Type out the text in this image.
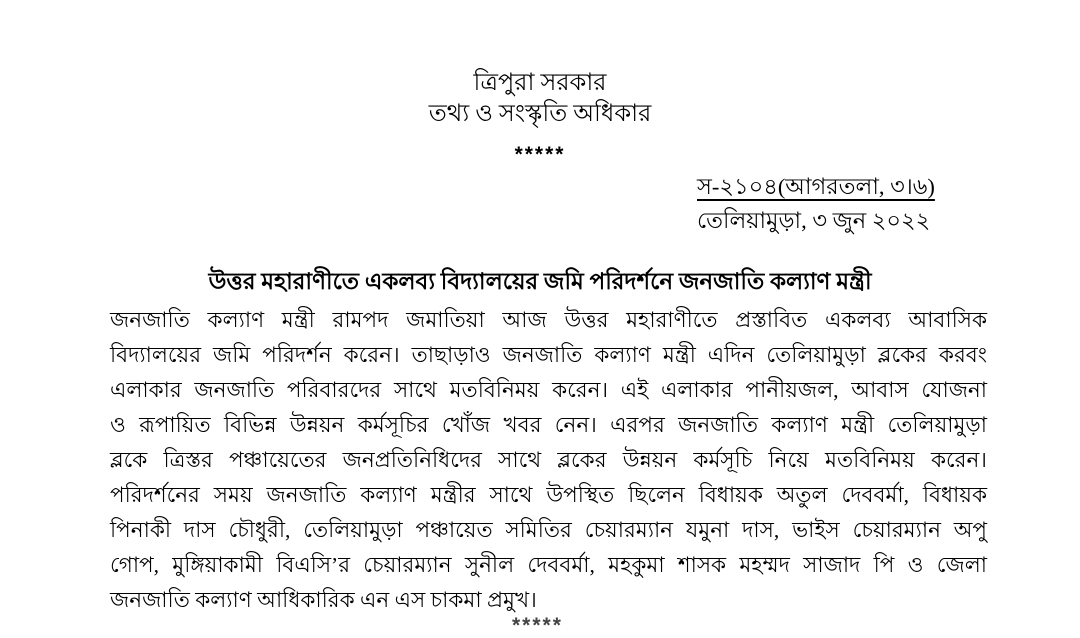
ত্রিপুরা সরকার
তথ্য ও সংস্কৃতি অধিকার
*****
স-২১০৪(আগরতলা, ৩।৬)
তেলিয়ামুড়া, ৩ জুন ২০২২
উত্তর মহারাণীতে একলব্য বিদ্যালয়ের জমি পরিদর্শনে জনজাতি কল্যাণ মন্ত্রী
জনজাতি কল্যাণ মন্ত্রী রামপদ জমাতিয়া আজ উত্তর মহারাণীতে প্রস্তাবিত একলব্য আবাসিক
বিদ্যালয়ের জমি পরিদর্শন করেন। তাছাড়াও জনজাতি কল্যাণ মন্ত্রী এদিন তেলিয়ামুড়া ব্লকের করবং
এলাকার জনজাতি পরিবারদের সাথে মতবিনিময় করেন। এই এলাকার পানীয়জল, আবাস যোজনা
ও রূপায়িত বিভিন্ন উন্নয়ন কর্মসূচির খোঁজ খবর নেন। এরপর জনজাতি কল্যাণ মন্ত্রী তেলিয়ামুড়া
ব্লকে ত্রিস্তর পঞ্চায়েতের জনপ্রতিনিধিদের সাথে ব্লকের উন্নয়ন কর্মসূচি নিয়ে মতবিনিময় করেন।
পরিদর্শনের সময় জনজাতি কল্যাণ মন্ত্রীর সাথে উপস্থিত ছিলেন বিধায়ক অতুল দেববর্মা, বিধায়ক
পিনাকী দাস চৌধুরী, তেলিয়ামুড়া পঞ্চায়েত সমিতির চেয়ারম্যান যমুনা দাস, ভাইস চেয়ারম্যান অপু
গোপ, মুঙ্গিয়াকামী বিএসি’র চেয়ারম্যান সুনীল দেববর্মা, মহকুমা শাসক মহম্মদ সাজাদ পি ও জেলা
জনজাতি কল্যাণ আধিকারিক এন এস চাকমা প্রমুখ।
*****
